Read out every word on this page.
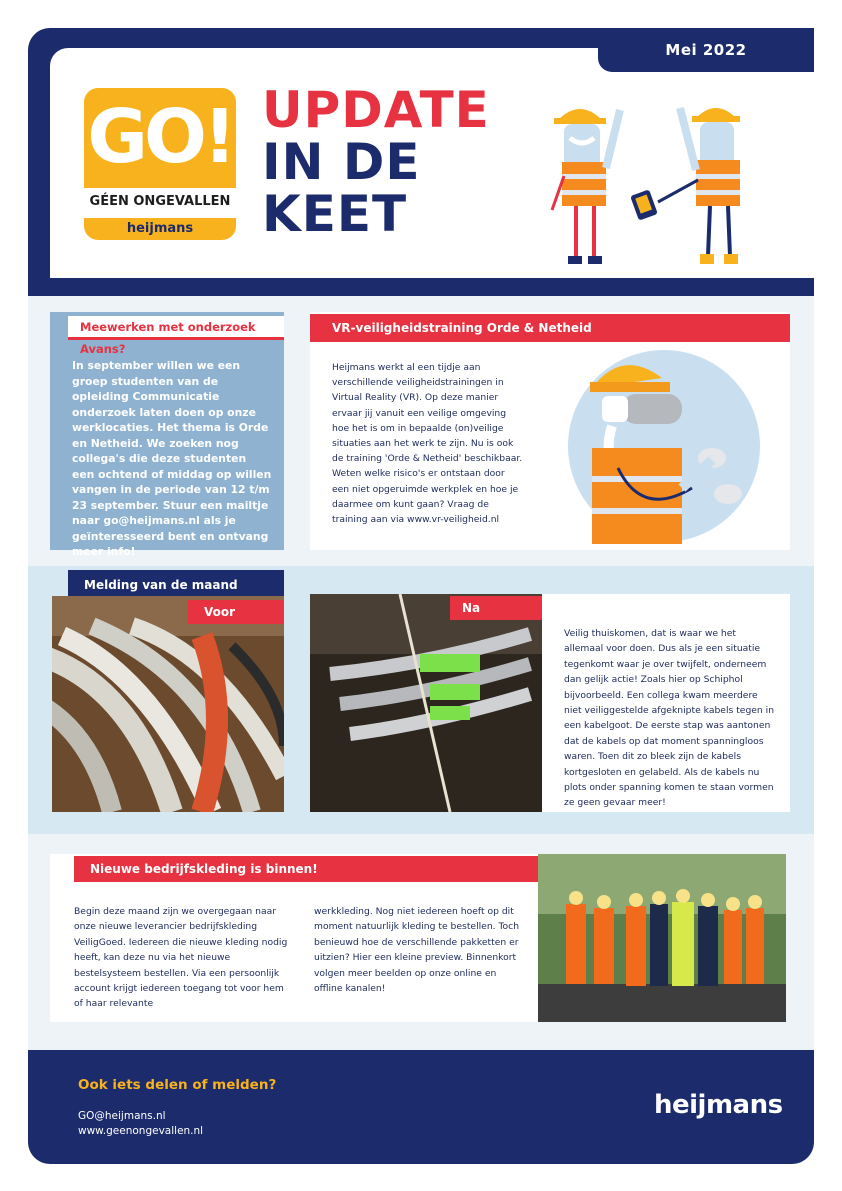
Mei 2022
GO!
GÉEN ONGEVALLEN
heijmans
UPDATE
IN DE
KEET
Meewerken met onderzoek Avans?
In september willen we een groep studenten van de opleiding Communicatie onderzoek laten doen op onze werklocaties. Het thema is Orde en Netheid. We zoeken nog collega's die deze studenten een ochtend of middag op willen vangen in de periode van 12 t/m 23 september. Stuur een mailtje naar go@heijmans.nl als je geïnteresseerd bent en ontvang meer info!
VR-veiligheidstraining Orde & Netheid
Heijmans werkt al een tijdje aan verschillende veiligheidstrainingen in Virtual Reality (VR). Op deze manier ervaar jij vanuit een veilige omgeving hoe het is om in bepaalde (on)veilige situaties aan het werk te zijn. Nu is ook de training 'Orde & Netheid' beschikbaar. Weten welke risico's er ontstaan door een niet opgeruimde werkplek en hoe je daarmee om kunt gaan? Vraag de training aan via www.vr-veiligheid.nl
Melding van de maand
Voor	Na
Veilig thuiskomen, dat is waar we het allemaal voor doen. Dus als je een situatie tegenkomt waar je over twijfelt, onderneem dan gelijk actie! Zoals hier op Schiphol bijvoorbeeld. Een collega kwam meerdere niet veiliggestelde afgeknipte kabels tegen in een kabelgoot. De eerste stap was aantonen dat de kabels op dat moment spanningloos waren. Toen dit zo bleek zijn de kabels kortgesloten en gelabeld. Als de kabels nu plots onder spanning komen te staan vormen ze geen gevaar meer!
Nieuwe bedrijfskleding is binnen!
Begin deze maand zijn we overgegaan naar onze nieuwe leverancier bedrijfskleding VeiligGoed. Iedereen die nieuwe kleding nodig heeft, kan deze nu via het nieuwe bestelsysteem bestellen. Via een persoonlijk account krijgt iedereen toegang tot voor hem of haar relevante
werkkleding. Nog niet iedereen hoeft op dit moment natuurlijk kleding te bestellen. Toch benieuwd hoe de verschillende pakketten er uitzien? Hier een kleine preview. Binnenkort volgen meer beelden op onze online en offline kanalen!
Ook iets delen of melden?
GO@heijmans.nl
www.geenongevallen.nl
heijmans
